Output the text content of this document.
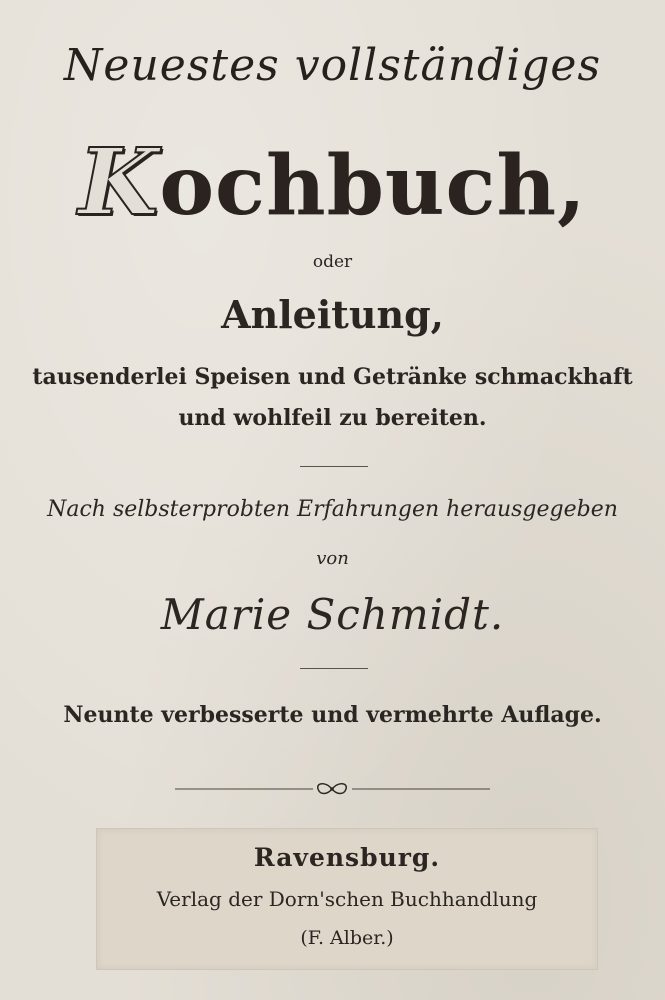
Neuestes vollständiges
Kochbuch,
oder
Anleitung,
tausenderlei Speisen und Getränke schmackhaft
und wohlfeil zu bereiten.
Nach selbsterprobten Erfahrungen herausgegeben
von
Marie Schmidt.
Neunte verbesserte und vermehrte Auflage.
Ravensburg.
Verlag der Dorn'schen Buchhandlung
(F. Alber.)
